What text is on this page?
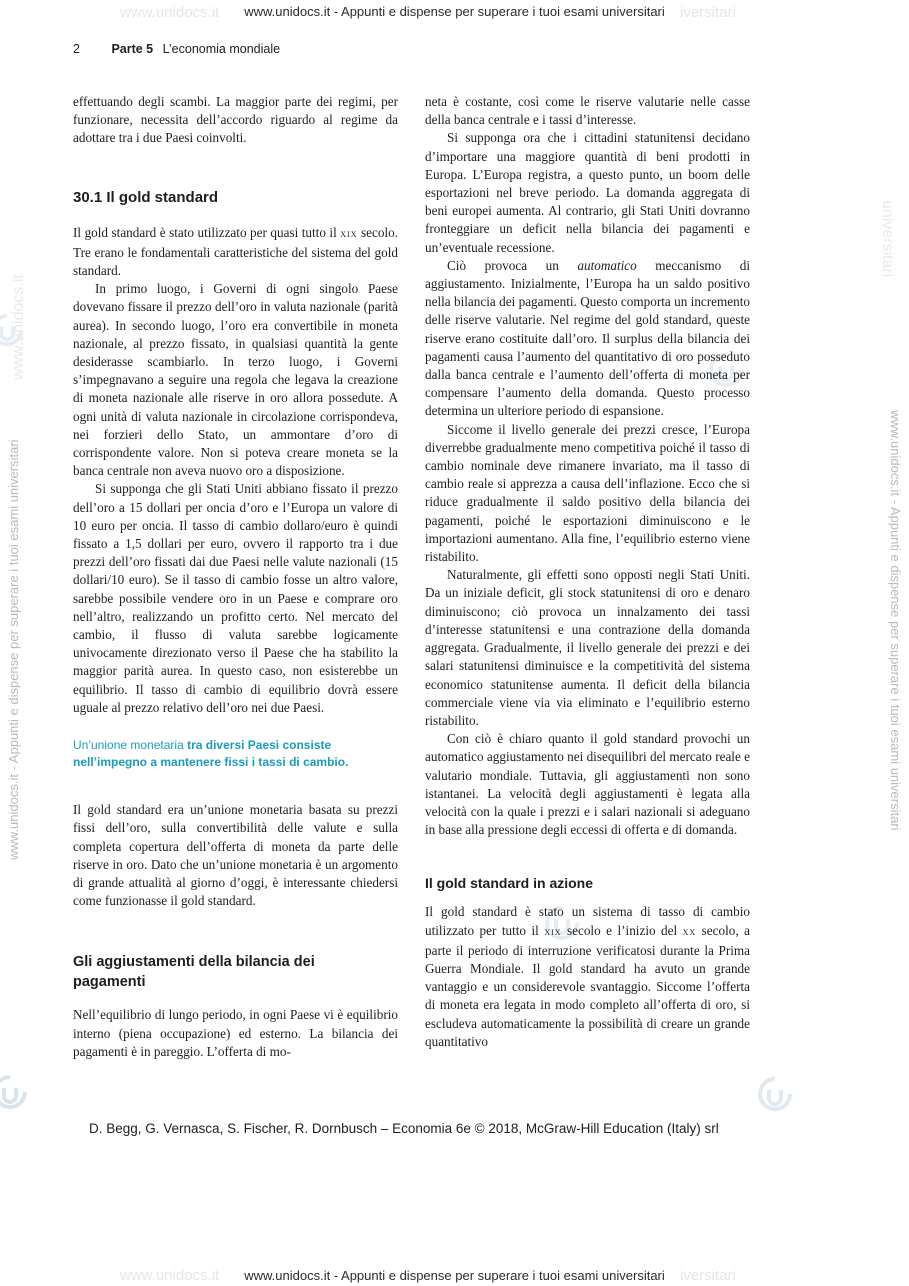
www.unidocs.it	iversitari
www.unidocs.it - Appunti e dispense per superare i tuoi esami universitari
www.unidocs.it	iversitari
www.unidocs.it - Appunti e dispense per superare i tuoi esami universitari
www.unidocs.it - Appunti e dispense per superare i tuoi esami universitari	www.unidocs.it - Appunti e dispense per superare i tuoi esami universitari
www.unidocs.it
universitari
2	Parte 5 L’economia mondiale

effettuando degli scambi. La maggior parte dei regimi, per funzionare, necessita dell’accordo riguardo al regime da adottare tra i due Paesi coinvolti.

30.1 Il gold standard

Il gold standard è stato utilizzato per quasi tutto il XIX secolo. Tre erano le fondamentali caratteristiche del sistema del gold standard.

In primo luogo, i Governi di ogni singolo Paese dovevano fissare il prezzo dell’oro in valuta nazionale (parità aurea). In secondo luogo, l’oro era convertibile in moneta nazionale, al prezzo fissato, in qualsiasi quantità la gente desiderasse scambiarlo. In terzo luogo, i Governi s’impegnavano a seguire una regola che legava la creazione di moneta nazionale alle riserve in oro allora possedute. A ogni unità di valuta nazionale in circolazione corrispondeva, nei forzieri dello Stato, un ammontare d’oro di corrispondente valore. Non si poteva creare moneta se la banca centrale non aveva nuovo oro a disposizione.

Si supponga che gli Stati Uniti abbiano fissato il prezzo dell’oro a 15 dollari per oncia d’oro e l’Europa un valore di 10 euro per oncia. Il tasso di cambio dollaro/euro è quindi fissato a 1,5 dollari per euro, ovvero il rapporto tra i due prezzi dell’oro fissati dai due Paesi nelle valute nazionali (15 dollari/10 euro). Se il tasso di cambio fosse un altro valore, sarebbe possibile vendere oro in un Paese e comprare oro nell’altro, realizzando un profitto certo. Nel mercato del cambio, il flusso di valuta sarebbe logicamente univocamente direzionato verso il Paese che ha stabilito la maggior parità aurea. In questo caso, non esisterebbe un equilibrio. Il tasso di cambio di equilibrio dovrà essere uguale al prezzo relativo dell’oro nei due Paesi.

Un’unione monetaria tra diversi Paesi consiste nell’impegno a mantenere fissi i tassi di cambio.

Il gold standard era un’unione monetaria basata su prezzi fissi dell’oro, sulla convertibilità delle valute e sulla completa copertura dell’offerta di moneta da parte delle riserve in oro. Dato che un’unione monetaria è un argomento di grande attualità al giorno d’oggi, è interessante chiedersi come funzionasse il gold standard.

Gli aggiustamenti della bilancia dei pagamenti

Nell’equilibrio di lungo periodo, in ogni Paese vi è equilibrio interno (piena occupazione) ed esterno. La bilancia dei pagamenti è in pareggio. L’offerta di mo-

neta è costante, così come le riserve valutarie nelle casse della banca centrale e i tassi d’interesse.

Si supponga ora che i cittadini statunitensi decidano d’importare una maggiore quantità di beni prodotti in Europa. L’Europa registra, a questo punto, un boom delle esportazioni nel breve periodo. La domanda aggregata di beni europei aumenta. Al contrario, gli Stati Uniti dovranno fronteggiare un deficit nella bilancia dei pagamenti e un’eventuale recessione.

Ciò provoca un automatico meccanismo di aggiustamento. Inizialmente, l’Europa ha un saldo positivo nella bilancia dei pagamenti. Questo comporta un incremento delle riserve valutarie. Nel regime del gold standard, queste riserve erano costituite dall’oro. Il surplus della bilancia dei pagamenti causa l’aumento del quantitativo di oro posseduto dalla banca centrale e l’aumento dell’offerta di moneta per compensare l’aumento della domanda. Questo processo determina un ulteriore periodo di espansione.

Siccome il livello generale dei prezzi cresce, l’Europa diverrebbe gradualmente meno competitiva poiché il tasso di cambio nominale deve rimanere invariato, ma il tasso di cambio reale si apprezza a causa dell’inflazione. Ecco che si riduce gradualmente il saldo positivo della bilancia dei pagamenti, poiché le esportazioni diminuiscono e le importazioni aumentano. Alla fine, l’equilibrio esterno viene ristabilito.

Naturalmente, gli effetti sono opposti negli Stati Uniti. Da un iniziale deficit, gli stock statunitensi di oro e denaro diminuiscono; ciò provoca un innalzamento dei tassi d’interesse statunitensi e una contrazione della domanda aggregata. Gradualmente, il livello generale dei prezzi e dei salari statunitensi diminuisce e la competitività del sistema economico statunitense aumenta. Il deficit della bilancia commerciale viene via via eliminato e l’equilibrio esterno ristabilito.

Con ciò è chiaro quanto il gold standard provochi un automatico aggiustamento nei disequilibri del mercato reale e valutario mondiale. Tuttavia, gli aggiustamenti non sono istantanei. La velocità degli aggiustamenti è legata alla velocità con la quale i prezzi e i salari nazionali si adeguano in base alla pressione degli eccessi di offerta e di domanda.

Il gold standard in azione

Il gold standard è stato un sistema di tasso di cambio utilizzato per tutto il XIX secolo e l’inizio del XX secolo, a parte il periodo di interruzione verificatosi durante la Prima Guerra Mondiale. Il gold standard ha avuto un grande vantaggio e un considerevole svantaggio. Siccome l’offerta di moneta era legata in modo completo all’offerta di oro, si escludeva automaticamente la possibilità di creare un grande quantitativo

D. Begg, G. Vernasca, S. Fischer, R. Dornbusch – Economia 6e © 2018, McGraw-Hill Education (Italy) srl
